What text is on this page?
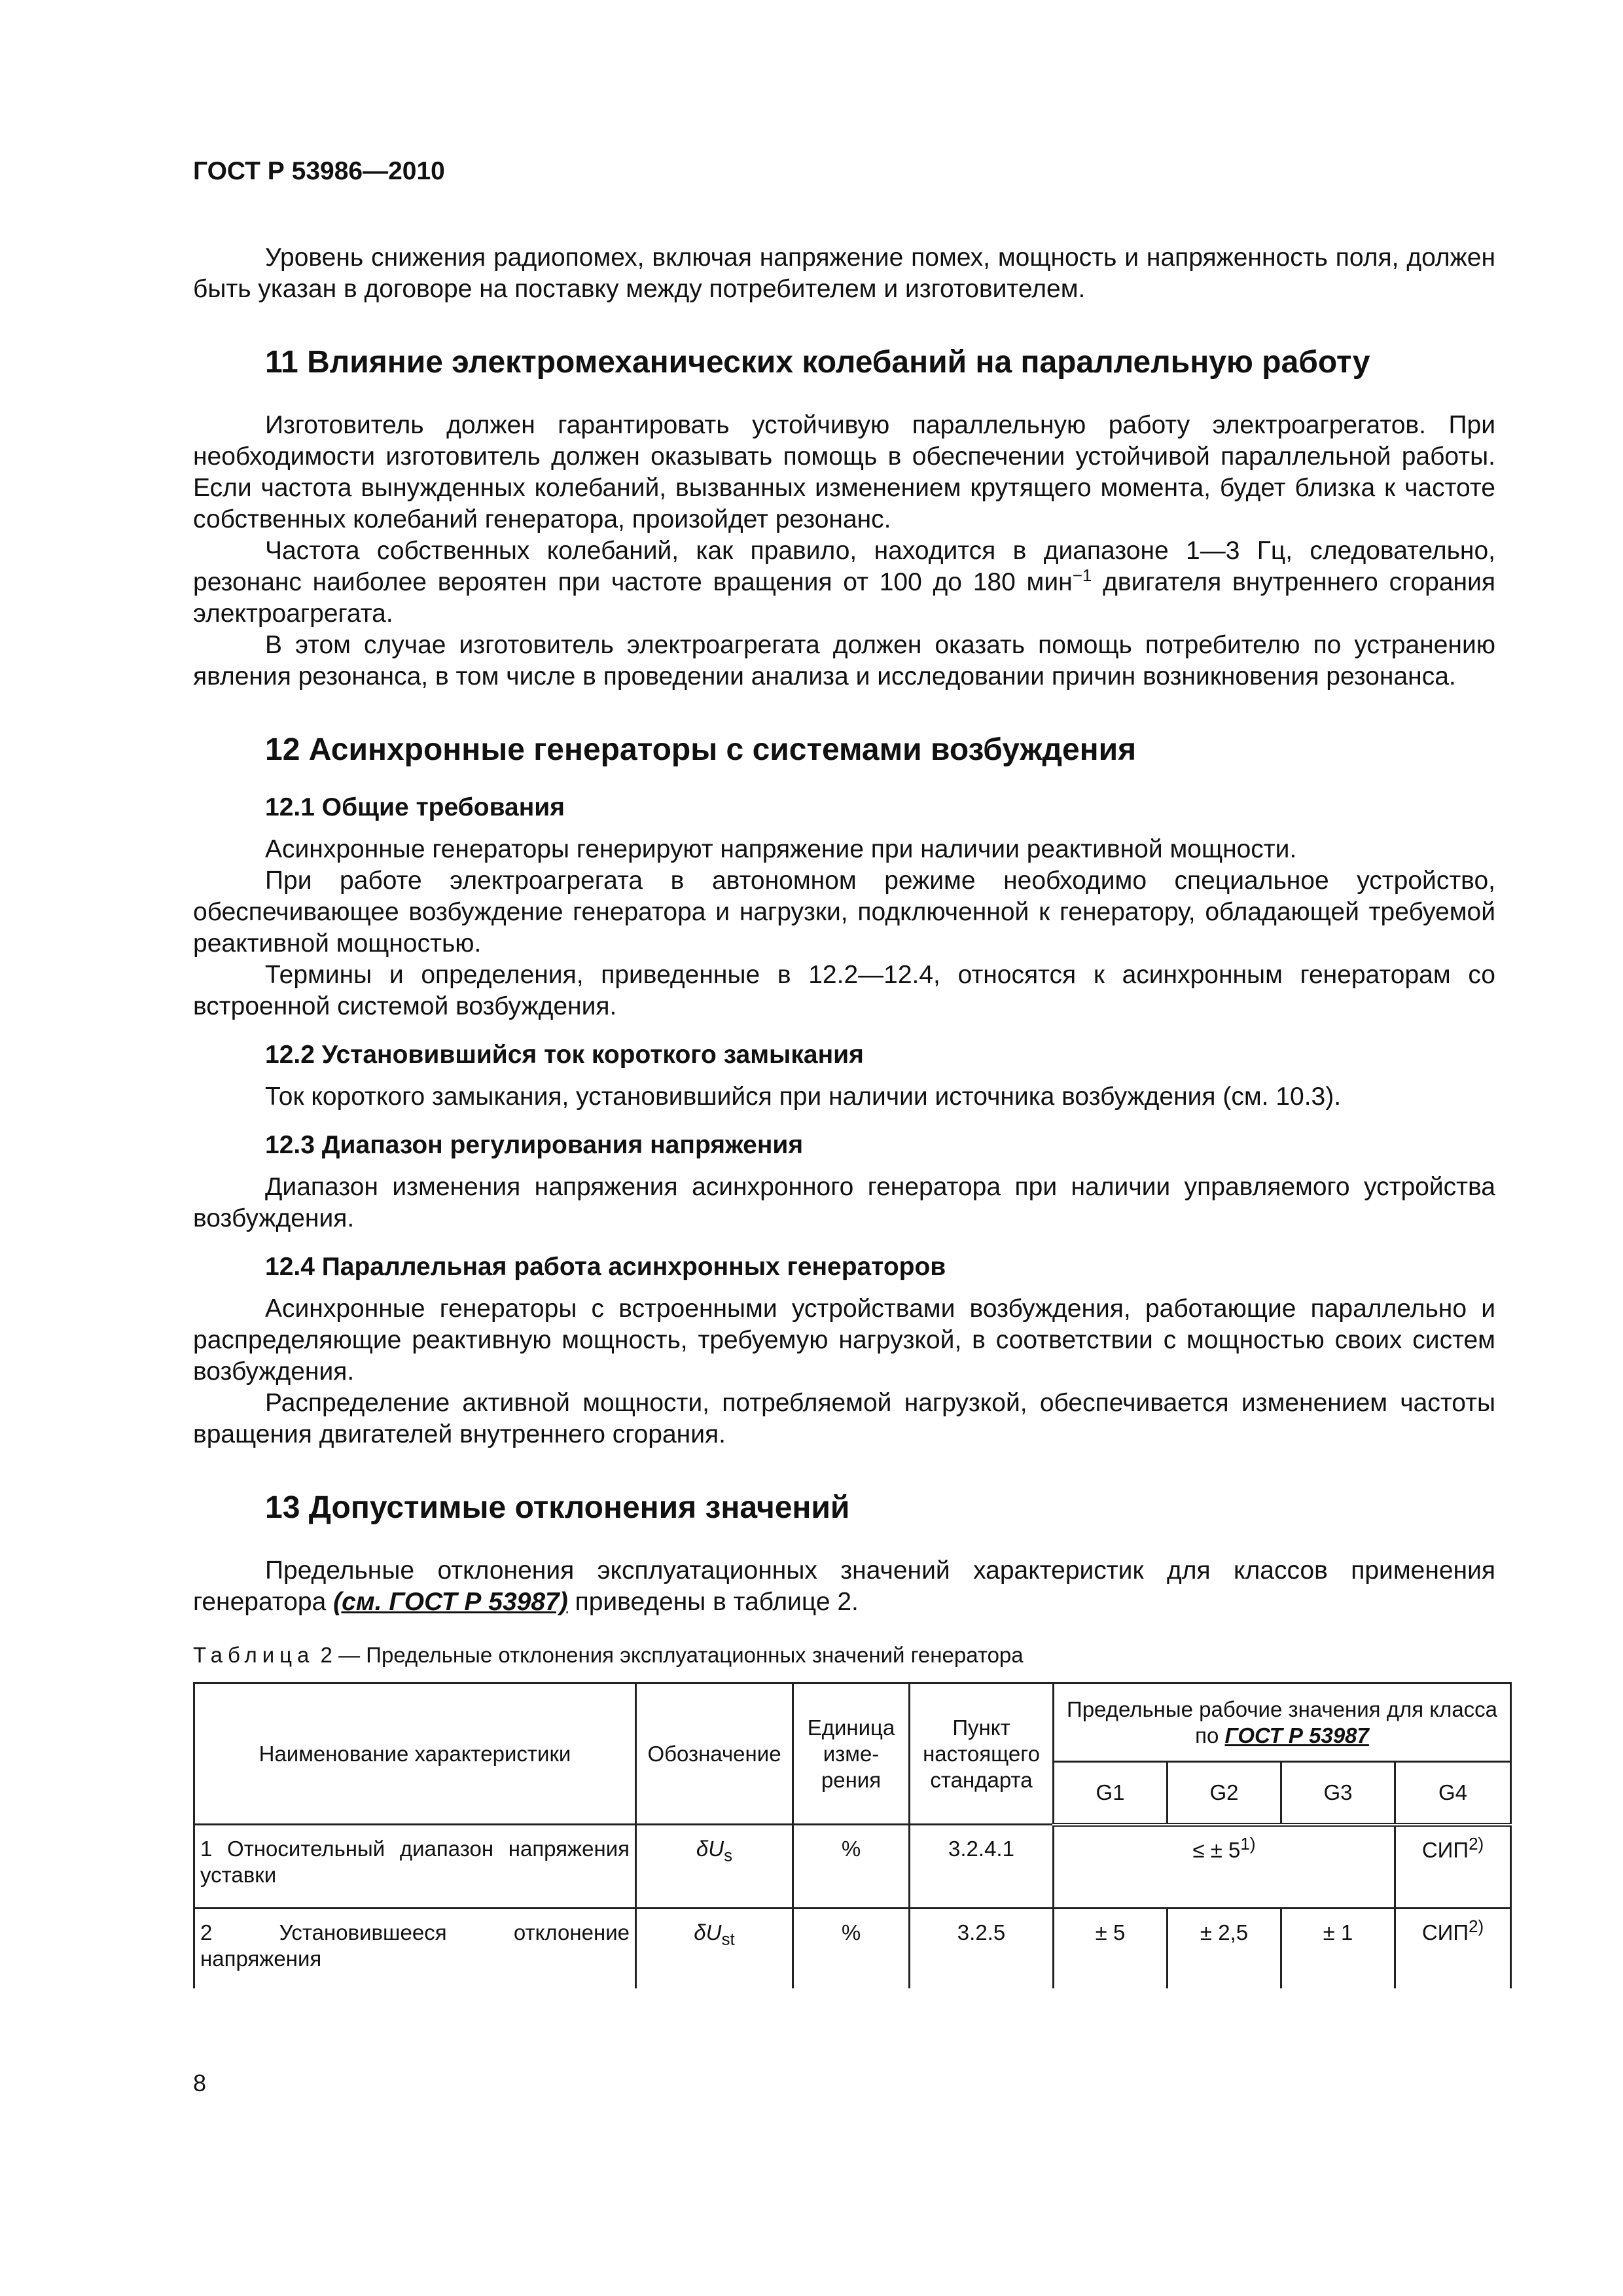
ГОСТ Р 53986—2010

Уровень снижения радиопомех, включая напряжение помех, мощность и напряженность поля, должен быть указан в договоре на поставку между потребителем и изготовителем.

11 Влияние электромеханических колебаний на параллельную работу

Изготовитель должен гарантировать устойчивую параллельную работу электроагрегатов. При необходимости изготовитель должен оказывать помощь в обеспечении устойчивой параллельной работы. Если частота вынужденных колебаний, вызванных изменением крутящего момента, будет близка к частоте собственных колебаний генератора, произойдет резонанс.

Частота собственных колебаний, как правило, находится в диапазоне 1—3 Гц, следовательно, резонанс наиболее вероятен при частоте вращения от 100 до 180 мин$^{-1}$ двигателя внутреннего сгорания электроагрегата.

В этом случае изготовитель электроагрегата должен оказать помощь потребителю по устранению явления резонанса, в том числе в проведении анализа и исследовании причин возникновения резонанса.

12 Асинхронные генераторы с системами возбуждения
12.1 Общие требования

Асинхронные генераторы генерируют напряжение при наличии реактивной мощности.

При работе электроагрегата в автономном режиме необходимо специальное устройство, обеспечивающее возбуждение генератора и нагрузки, подключенной к генератору, обладающей требуемой реактивной мощностью.

Термины и определения, приведенные в 12.2—12.4, относятся к асинхронным генераторам со встроенной системой возбуждения.

12.2 Установившийся ток короткого замыкания

Ток короткого замыкания, установившийся при наличии источника возбуждения (см. 10.3).

12.3 Диапазон регулирования напряжения

Диапазон изменения напряжения асинхронного генератора при наличии управляемого устройства возбуждения.

12.4 Параллельная работа асинхронных генераторов

Асинхронные генераторы с встроенными устройствами возбуждения, работающие параллельно и распределяющие реактивную мощность, требуемую нагрузкой, в соответствии с мощностью своих систем возбуждения.

Распределение активной мощности, потребляемой нагрузкой, обеспечивается изменением частоты вращения двигателей внутреннего сгорания.

13 Допустимые отклонения значений

Предельные отклонения эксплуатационных значений характеристик для классов применения генератора (см. ГОСТ Р 53987) приведены в таблице 2.

Таблица 2 — Предельные отклонения эксплуатационных значений генератора
Наименование характеристики	Обозначение	Единица изме-рения	Пункт настоящего стандарта	Предельные рабочие значения для класса по ГОСТ Р 53987			
				G1	G2	G3	G4
1 Относительный диапазон напряжения уставки	$\delta U_s$	%	3.2.4.1	≤ ± $5^{1)}$			СИП$^{2)}$
2 Установившееся отклонение напряжения	$\delta U_{st}$	%	3.2.5	± 5	± 2,5	± 1	СИП$^{2)}$
8
